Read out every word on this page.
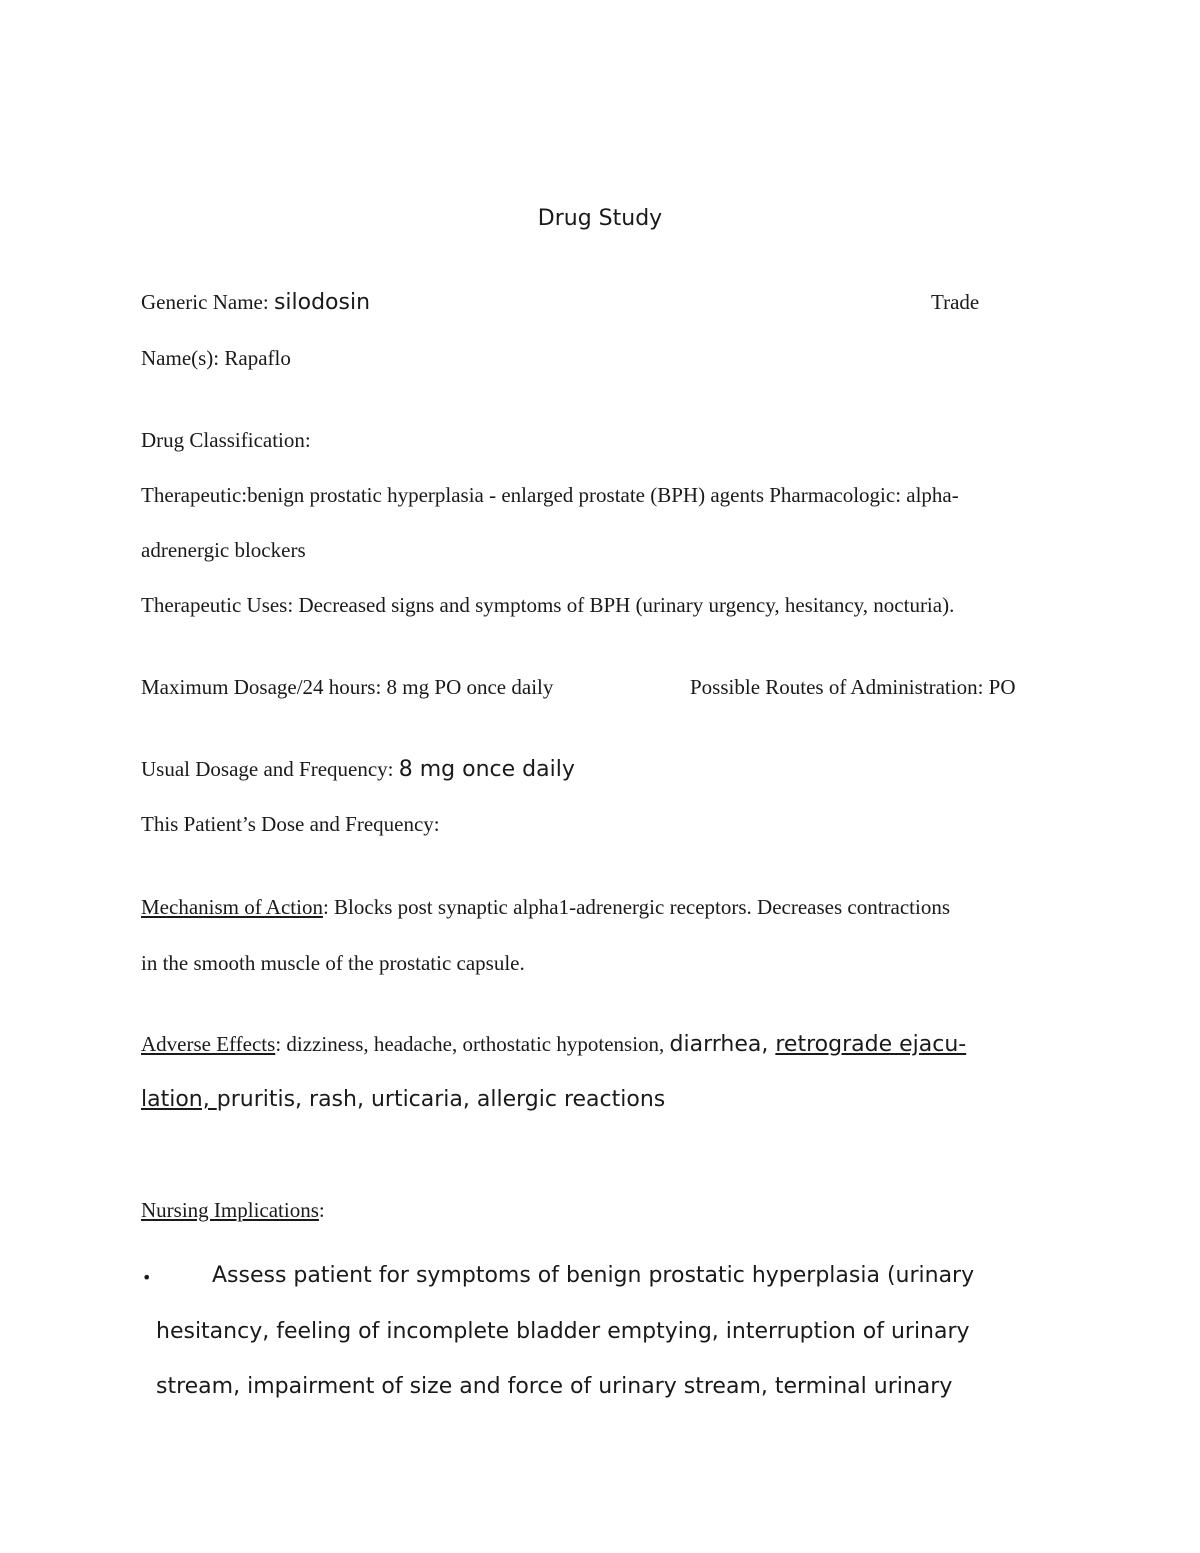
Drug Study
Generic Name: silodosin	Trade
Name(s): Rapaflo
Drug Classification:
Therapeutic:benign prostatic hyperplasia - enlarged prostate (BPH) agents Pharmacologic: alpha-
adrenergic blockers
Therapeutic Uses: Decreased signs and symptoms of BPH (urinary urgency, hesitancy, nocturia).
Maximum Dosage/24 hours: 8 mg PO once daily	Possible Routes of Administration: PO
Usual Dosage and Frequency: 8 mg once daily
This Patient’s Dose and Frequency:
Mechanism of Action: Blocks post synaptic alpha1-adrenergic receptors. Decreases contractions
in the smooth muscle of the prostatic capsule.
Adverse Effects: dizziness, headache, orthostatic hypotension, diarrhea, retrograde ejacu-
lation, pruritis, rash, urticaria, allergic reactions
Nursing Implications:
•	Assess patient for symptoms of benign prostatic hyperplasia (urinary
hesitancy, feeling of incomplete bladder emptying, interruption of urinary
stream, impairment of size and force of urinary stream, terminal urinary
